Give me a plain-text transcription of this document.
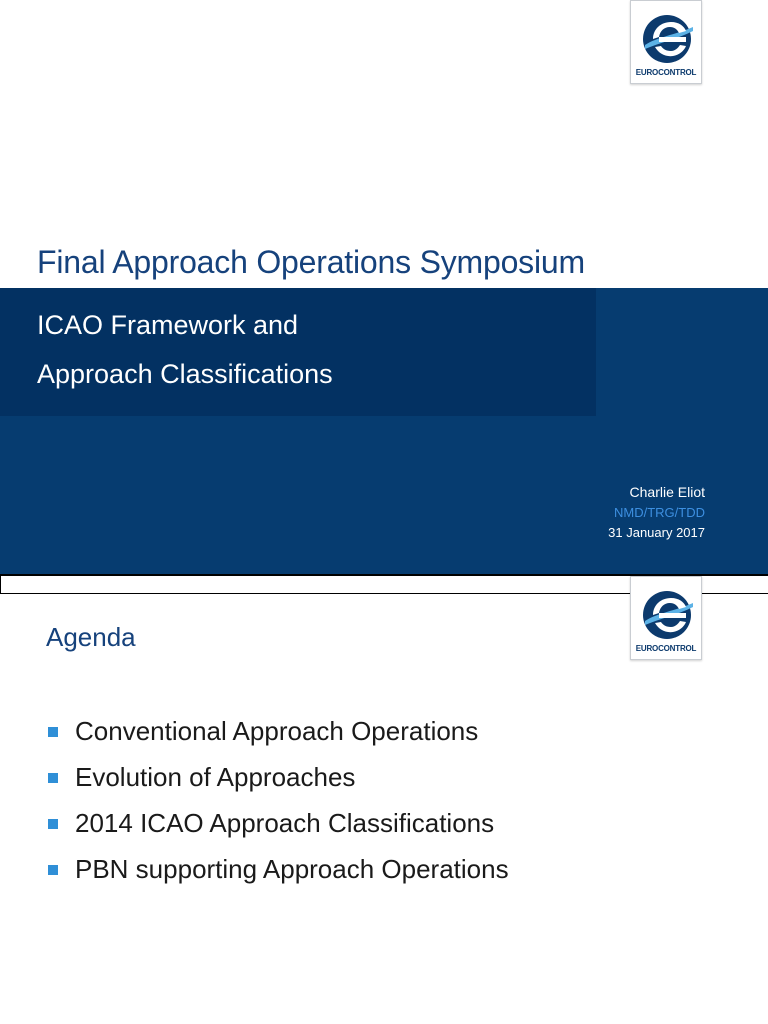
EUROCONTROL
Final Approach Operations Symposium
ICAO Framework and
Approach Classifications
Charlie Eliot
NMD/TRG/TDD
31 January 2017
EUROCONTROL
Agenda
Conventional Approach Operations
Evolution of Approaches
2014 ICAO Approach Classifications
PBN supporting Approach Operations
